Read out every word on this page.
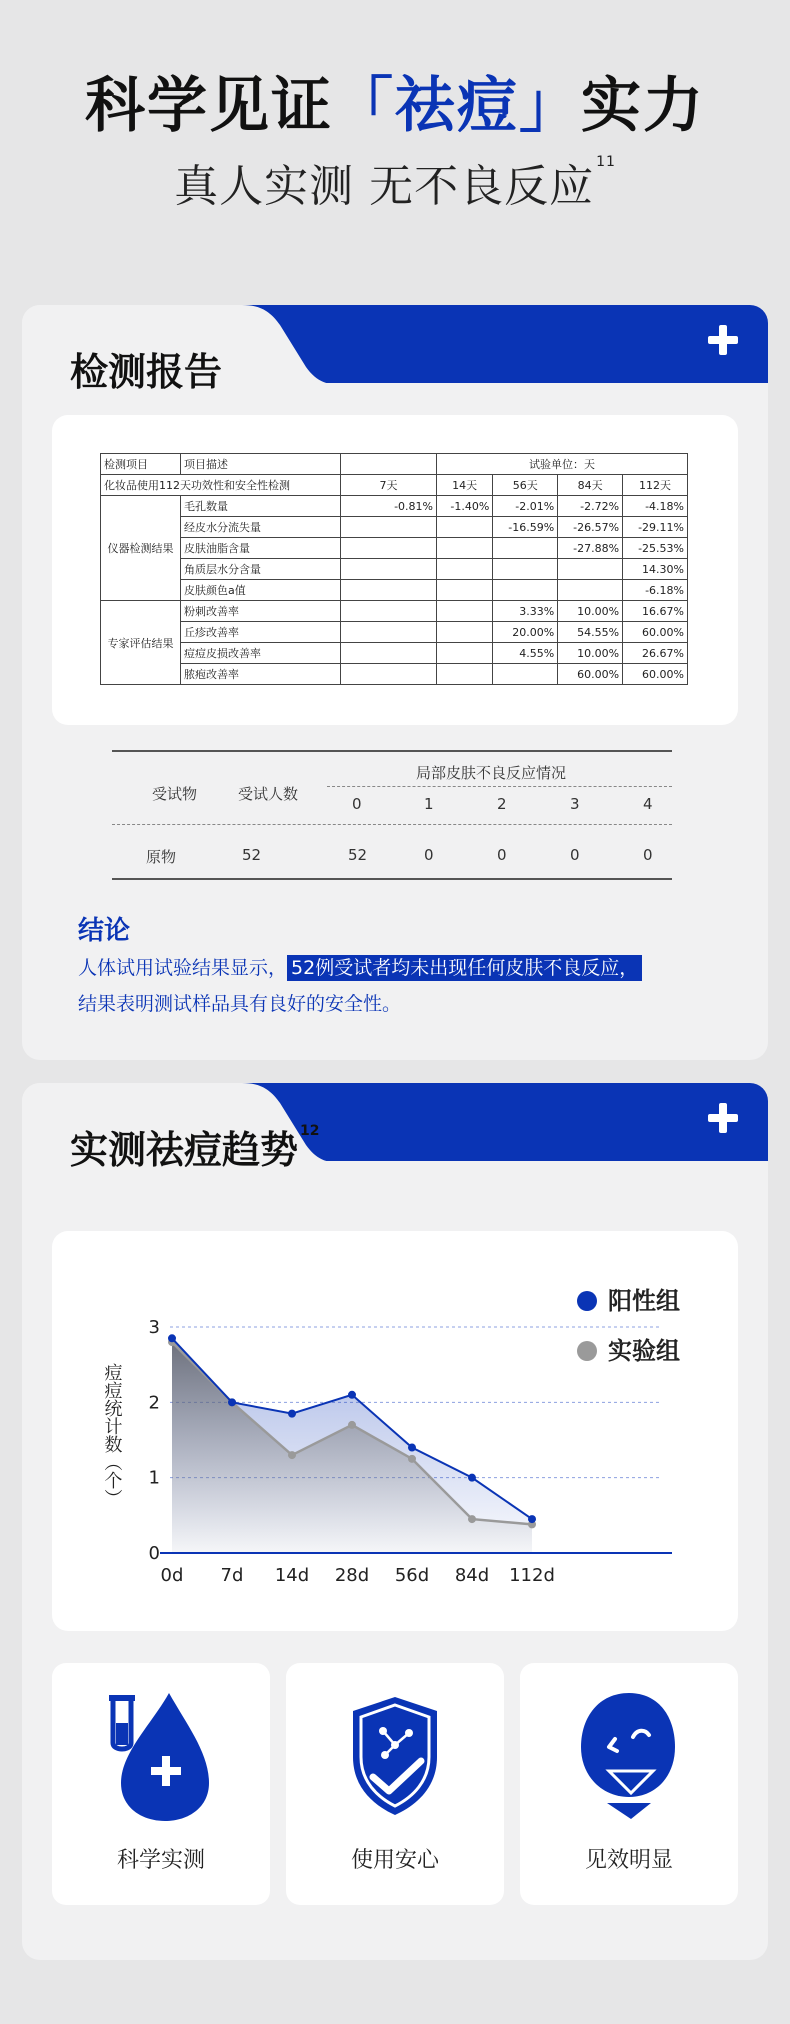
科学见证「祛痘」实力
真人实测 无不良反应 $^{11}$
检测报告
检测项目	项目描述		试验单位：天			
化妆品使用112天功效性和安全性检测		7天	14天	56天	84天	112天
仪器检测结果	毛孔数量	-0.81%	-1.40%	-2.01%	-2.72%	-4.18%
	经皮水分流失量			-16.59%	-26.57%	-29.11%
	皮肤油脂含量				-27.88%	-25.53%
	角质层水分含量					14.30%
	皮肤颜色a值					-6.18%
专家评估结果	粉刺改善率			3.33%	10.00%	16.67%
	丘疹改善率			20.00%	54.55%	60.00%
	痘痘皮损改善率			4.55%	10.00%	26.67%
	脓疱改善率				60.00%	60.00%
受试物	受试人数
局部皮肤不良反应情况
0	1	2	3	4
原物	52	52	0	0	0	0
结论
人体试用试验结果显示， 52例受试者均未出现任何皮肤不良反应，
结果表明测试样品具有良好的安全性。
实测祛痘趋势 $^{12}$
0
1
2
3
痘痘统计数（个）
0d 7d 14d 28d 56d 84d 112d
阳性组
实验组
科学实测	使用安心	见效明显
